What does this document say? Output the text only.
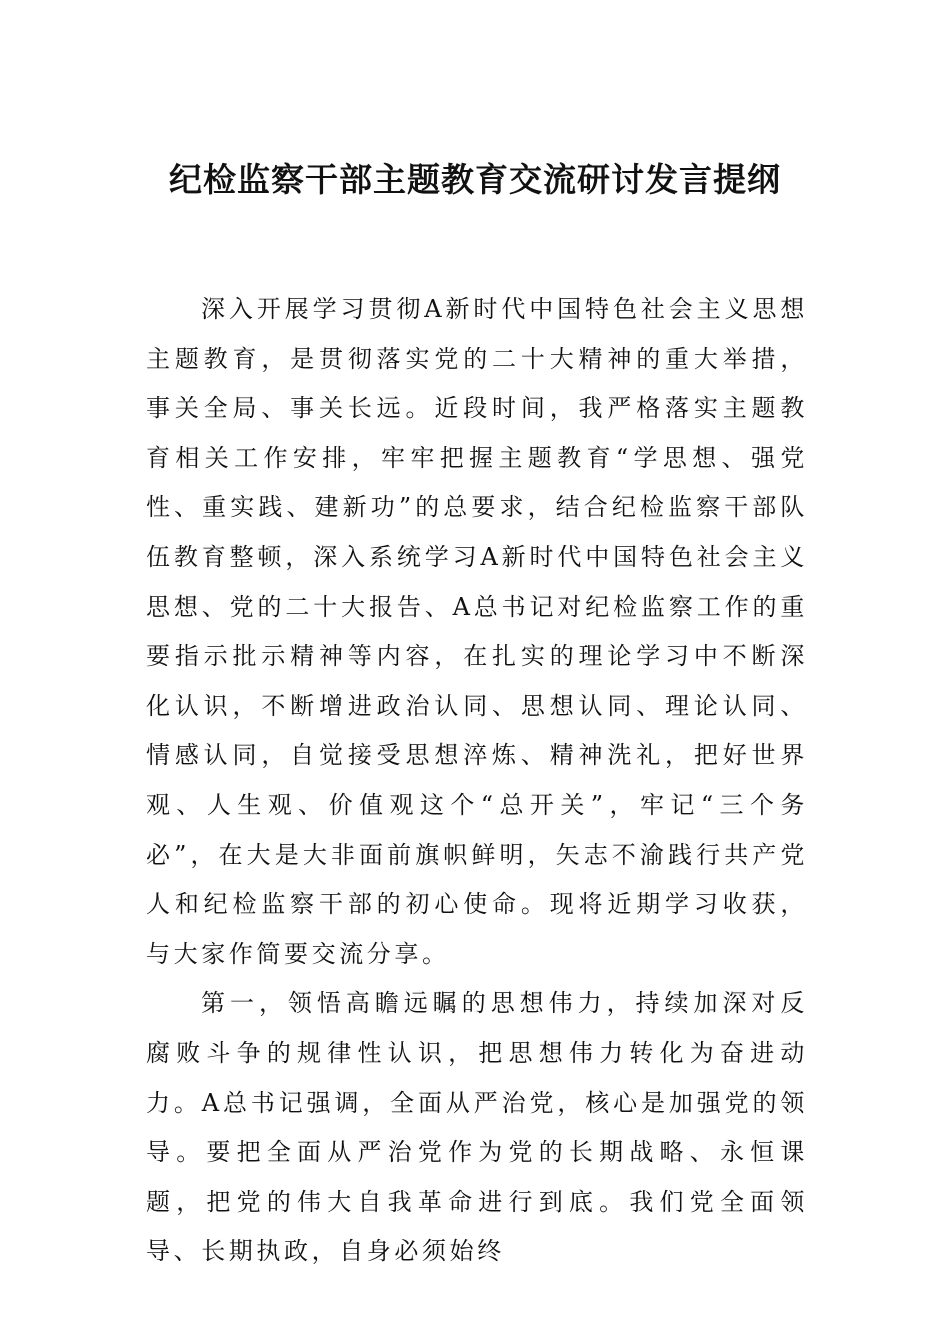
纪检监察干部主题教育交流研讨发言提纲

深入开展学习贯彻A新时代中国特色社会主义思想主题教育，是贯彻落实党的二十大精神的重大举措，事关全局、事关长远。近段时间，我严格落实主题教育相关工作安排，牢牢把握主题教育“学思想、强党性、重实践、建新功”的总要求，结合纪检监察干部队伍教育整顿，深入系统学习A新时代中国特色社会主义思想、党的二十大报告、A总书记对纪检监察工作的重要指示批示精神等内容，在扎实的理论学习中不断深化认识，不断增进政治认同、思想认同、理论认同、情感认同，自觉接受思想淬炼、精神洗礼，把好世界观、人生观、价值观这个“总开关”，牢记“三个务必”，在大是大非面前旗帜鲜明，矢志不渝践行共产党人和纪检监察干部的初心使命。现将近期学习收获，与大家作简要交流分享。

第一，领悟高瞻远瞩的思想伟力，持续加深对反腐败斗争的规律性认识，把思想伟力转化为奋进动力。A总书记强调，全面从严治党，核心是加强党的领导。要把全面从严治党作为党的长期战略、永恒课题，把党的伟大自我革命进行到底。我们党全面领导、长期执政，自身必须始终
